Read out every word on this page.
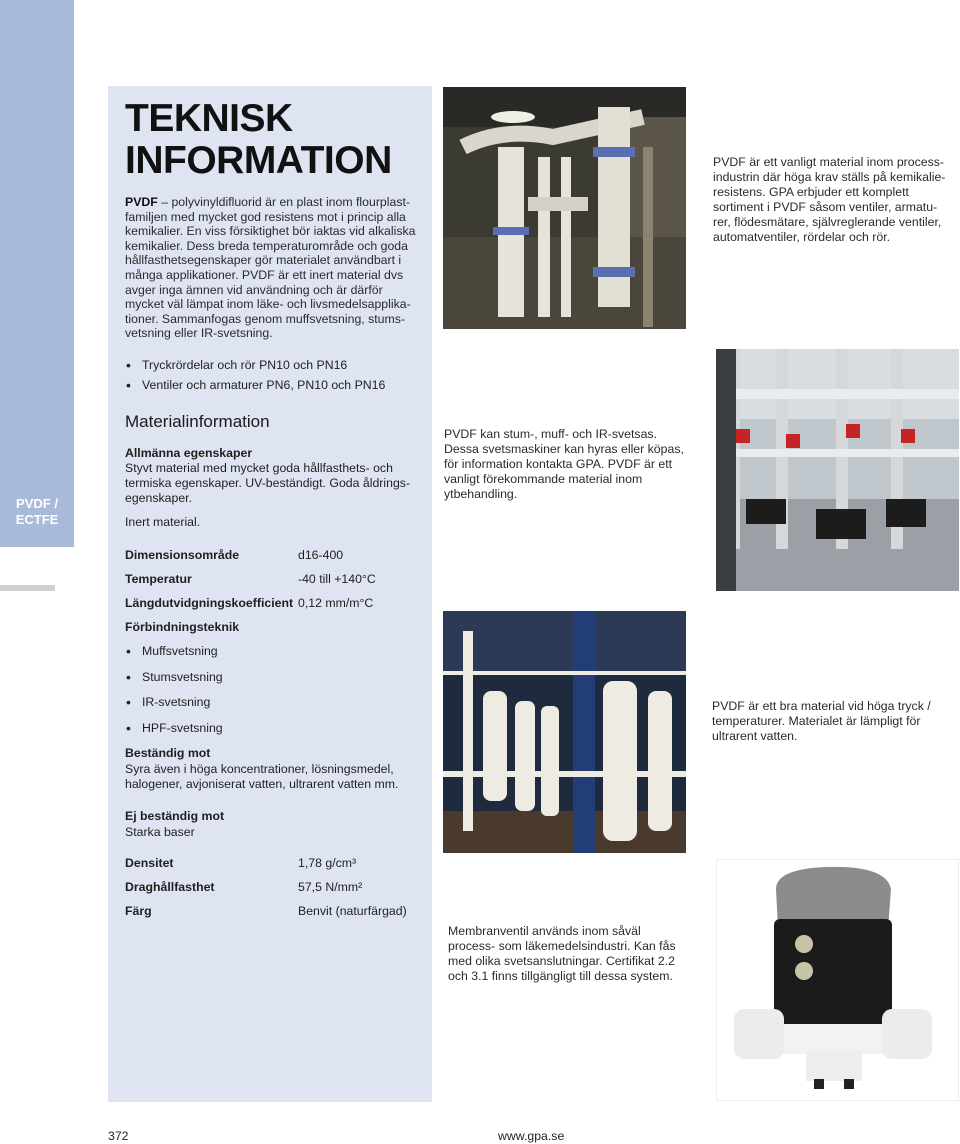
PVDF /
ECTFE
TEKNISK
INFORMATION
PVDF – polyvinyldifluorid är en plast inom flourplast-familjen med mycket god resistens mot i princip alla kemikalier. En viss försiktighet bör iaktas vid alkaliska kemikalier. Dess breda temperaturområde och goda hållfasthetsegenskaper gör materialet användbart i många applikationer. PVDF är ett inert material dvs avger inga ämnen vid användning och är därför mycket väl lämpat inom läke- och livsmedelsapplika-tioner. Sammanfogas genom muffsvetsning, stums-vetsning eller IR-svetsning.
• Tryckrördelar och rör PN10 och PN16
• Ventiler och armaturer PN6, PN10 och PN16
Materialinformation
Allmänna egenskaper
Styvt material med mycket goda hållfasthets- och termiska egenskaper. UV-beständigt. Goda åldrings-egenskaper.
Inert material.
Dimensionsområde	d16-400
Temperatur	-40 till +140°C
Längdutvidgningskoefficient 0,12 mm/m°C
Förbindningsteknik
• Muffsvetsning
• Stumsvetsning
• IR-svetsning
• HPF-svetsning
Beständig mot
Syra även i höga koncentrationer, lösningsmedel, halogener, avjoniserat vatten, ultrarent vatten mm.
Ej beständig mot
Starka baser
Densitet	1,78 g/cm³
Draghållfasthet	57,5 N/mm²
Färg	Benvit (naturfärgad)
PVDF är ett vanligt material inom process-industrin där höga krav ställs på kemikalie-resistens. GPA erbjuder ett komplett sortiment i PVDF såsom ventiler, armatu-rer, flödesmätare, självreglerande ventiler, automatventiler, rördelar och rör.
PVDF kan stum-, muff- och IR-svetsas. Dessa svetsmaskiner kan hyras eller köpas, för information kontakta GPA. PVDF är ett vanligt förekommande material inom ytbehandling.
PVDF är ett bra material vid höga tryck / temperaturer. Materialet är lämpligt för ultrarent vatten.
Membranventil används inom såväl process- som läkemedelsindustri. Kan fås med olika svetsanslutningar. Certifikat 2.2 och 3.1 finns tillgängligt till dessa system.
372	www.gpa.se
